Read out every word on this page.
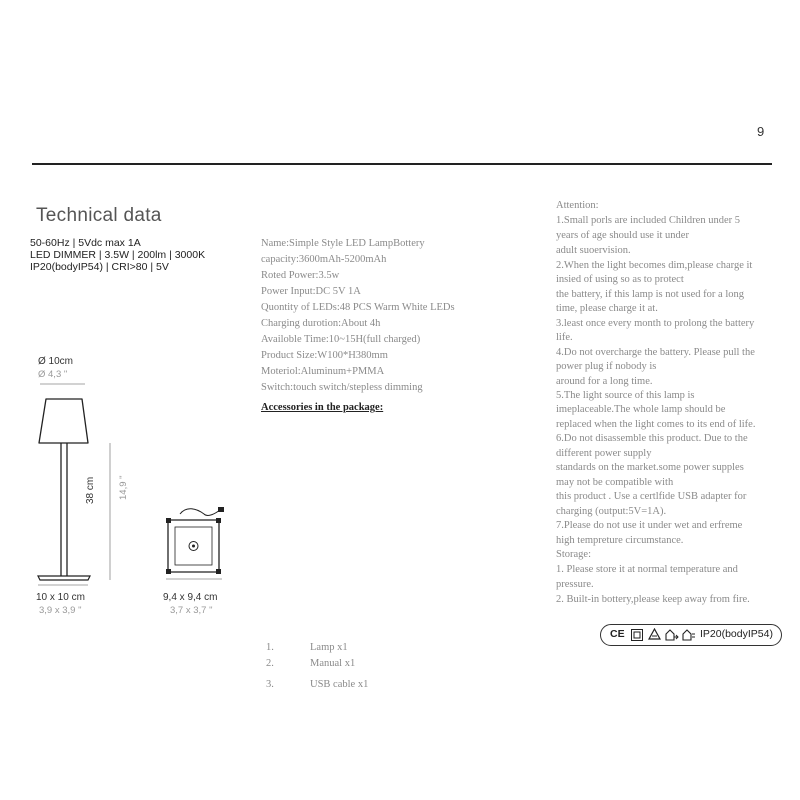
9
Technical data
50-60Hz | 5Vdc max 1A
LED DIMMER | 3.5W | 200lm | 3000K
IP20(bodyIP54) | CRI>80 | 5V
Ø 10cm
Ø 4,3 "
38 cm 14,9 "
10 x 10 cm
3,9 x 3,9 "
9,4 x 9,4 cm
3,7 x 3,7 "
Name:Simple Style LED LampBottery
capacity:3600mAh-5200mAh
Roted Power:3.5w
Power Input:DC 5V 1A
Quontity of LEDs:48 PCS Warm White LEDs
Charging durotion:About 4h
Availoble Time:10~15H(full charged)
Product Size:W100*H380mm
Moteriol:Aluminum+PMMA
Switch:touch switch/stepless dimming
Accessories in the package:
Attention:
1.Small porls are included Children under 5
years of age should use it under
adult suoervision.
2.When the light becomes dim,please charge it
insied of using so as to protect
the battery, if this lamp is not used for a long
time, please charge it at.
3.least once every month to prolong the battery
life.
4.Do not overcharge the battery. Please pull the
power plug if nobody is
around for a long time.
5.The light source of this lamp is
imeplaceable.The whole lamp should be
replaced when the light comes to its end of life.
6.Do not disassemble this product. Due to the
different power supply
standards on the market.some power supples
may not be compatible with
this product . Use a certlfide USB adapter for
charging (output:5V=1A).
7.Please do not use it under wet and erfreme
high tempreture circumstance.
Storage:
1. Please store it at normal temperature and
pressure.
2. Built-in bottery,please keep away from fire.
CE	IP20(bodyIP54)
1.	Lamp x1
2.	Manual x1
3.	USB cable x1
